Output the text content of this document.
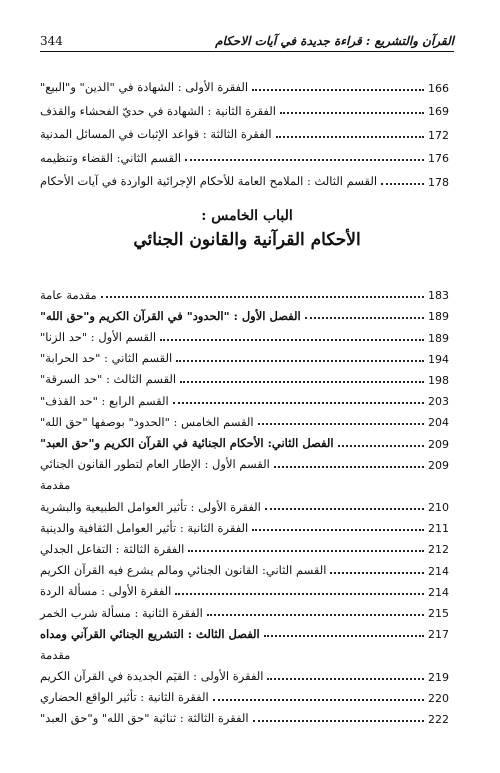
344	القرآن والتشريع : قراءة جديدة في آيات الاحكام
الفقرة الأولى : الشهادة في "الدين" و"البيع"	166
الفقرة الثانية : الشهادة في حديّ الفحشاء والقذف	169
الفقرة الثالثة : قواعد الإثبات في المسائل المدنية	172
القسم الثاني: القضاء وتنظيمه	176
القسم الثالث : الملامح العامة للأحكام الإجرائية الواردة في آيات الأحكام	178
الباب الخامس :
الأحكام القرآنية والقانون الجنائي
مقدمة عامة	183
الفصل الأول : "الحدود" في القرآن الكريم و"حق الله"	189
القسم الأول : "حد الزنا"	189
القسم الثاني : "حد الحرابة"	194
القسم الثالث : "حد السرقة"	198
القسم الرابع : "حد القذف"	203
القسم الخامس : "الحدود" بوصفها "حق الله"	204
الفصل الثاني: الأحكام الجنائية في القرآن الكريم و"حق العبد"	209
القسم الأول : الإطار العام لتطور القانون الجنائي	209
مقدمة
الفقرة الأولى : تأثير العوامل الطبيعية والبشرية	210
الفقرة الثانية : تأثير العوامل الثقافية والدينية	211
الفقرة الثالثة : التفاعل الجدلي	212
القسم الثاني: القانون الجنائي ومالم يشرع فيه القرآن الكريم	214
الفقرة الأولى : مسألة الردة	214
الفقرة الثانية : مسألة شرب الخمر	215
الفصل الثالث : التشريع الجنائي القرآني ومداه	217
مقدمة
الفقرة الأولى : القيَم الجديدة في القرآن الكريم	219
الفقرة الثانية : تأثير الواقع الحضاري	220
الفقرة الثالثة : ثنائية "حق الله" و"حق العبد"	222
